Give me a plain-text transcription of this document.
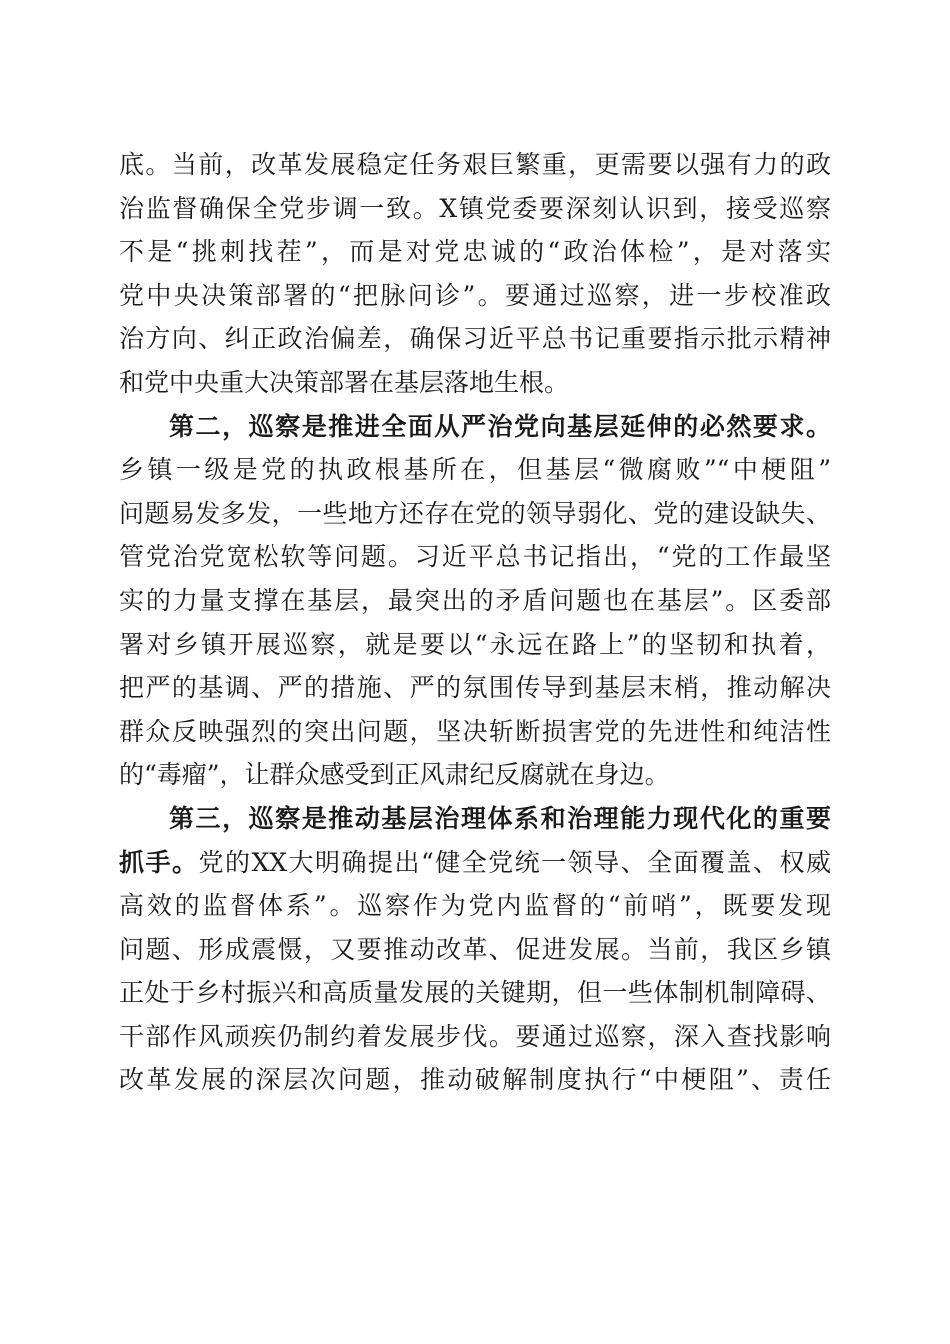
底。当前，改革发展稳定任务艰巨繁重，更需要以强有力的政
治监督确保全党步调一致。X镇党委要深刻认识到，接受巡察
不是“挑刺找茬”，而是对党忠诚的“政治体检”，是对落实
党中央决策部署的“把脉问诊”。要通过巡察，进一步校准政
治方向、纠正政治偏差，确保习近平总书记重要指示批示精神
和党中央重大决策部署在基层落地生根。
第二，巡察是推进全面从严治党向基层延伸的必然要求。
乡镇一级是党的执政根基所在，但基层“微腐败”“中梗阻”
问题易发多发，一些地方还存在党的领导弱化、党的建设缺失、
管党治党宽松软等问题。习近平总书记指出，“党的工作最坚
实的力量支撑在基层，最突出的矛盾问题也在基层”。区委部
署对乡镇开展巡察，就是要以“永远在路上”的坚韧和执着，
把严的基调、严的措施、严的氛围传导到基层末梢，推动解决
群众反映强烈的突出问题，坚决斩断损害党的先进性和纯洁性
的“毒瘤”，让群众感受到正风肃纪反腐就在身边。
第三，巡察是推动基层治理体系和治理能力现代化的重要
抓手。党的XX大明确提出“健全党统一领导、全面覆盖、权威
高效的监督体系”。巡察作为党内监督的“前哨”，既要发现
问题、形成震慑，又要推动改革、促进发展。当前，我区乡镇
正处于乡村振兴和高质量发展的关键期，但一些体制机制障碍、
干部作风顽疾仍制约着发展步伐。要通过巡察，深入查找影响
改革发展的深层次问题，推动破解制度执行“中梗阻”、责任
